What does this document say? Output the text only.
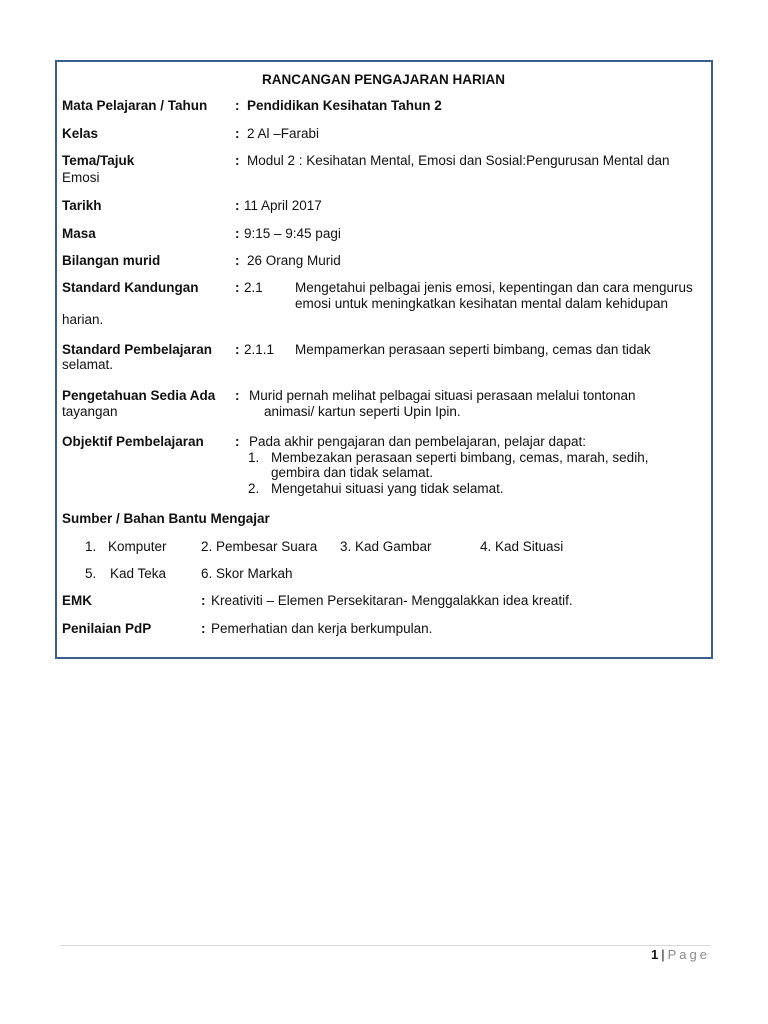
RANCANGAN PENGAJARAN HARIAN
Mata Pelajaran / Tahun : Pendidikan Kesihatan Tahun 2
Kelas	: 2 Al –Farabi
Tema/Tajuk	: Modul 2 : Kesihatan Mental, Emosi dan Sosial:Pengurusan Mental dan
Emosi
Tarikh	: 11 April 2017
Masa	: 9:15 – 9:45 pagi
Bilangan murid	: 26 Orang Murid
Standard Kandungan	: 2.1 Mengetahui pelbagai jenis emosi, kepentingan dan cara mengurus
emosi untuk meningkatkan kesihatan mental dalam kehidupan
harian.
Standard Pembelajaran : 2.1.1 Mempamerkan perasaan seperti bimbang, cemas dan tidak
selamat.
Pengetahuan Sedia Ada : Murid pernah melihat pelbagai situasi perasaan melalui tontonan
tayangan	animasi/ kartun seperti Upin Ipin.
Objektif Pembelajaran : Pada akhir pengajaran dan pembelajaran, pelajar dapat:
1. Membezakan perasaan seperti bimbang, cemas, marah, sedih,
gembira dan tidak selamat.
2. Mengetahui situasi yang tidak selamat.
Sumber / Bahan Bantu Mengajar
1. Komputer	2. Pembesar Suara 3. Kad Gambar	4. Kad Situasi
5. Kad Teka	6. Skor Markah
EMK	: Kreativiti – Elemen Persekitaran- Menggalakkan idea kreatif.
Penilaian PdP	: Pemerhatian dan kerja berkumpulan.
1 | Page
